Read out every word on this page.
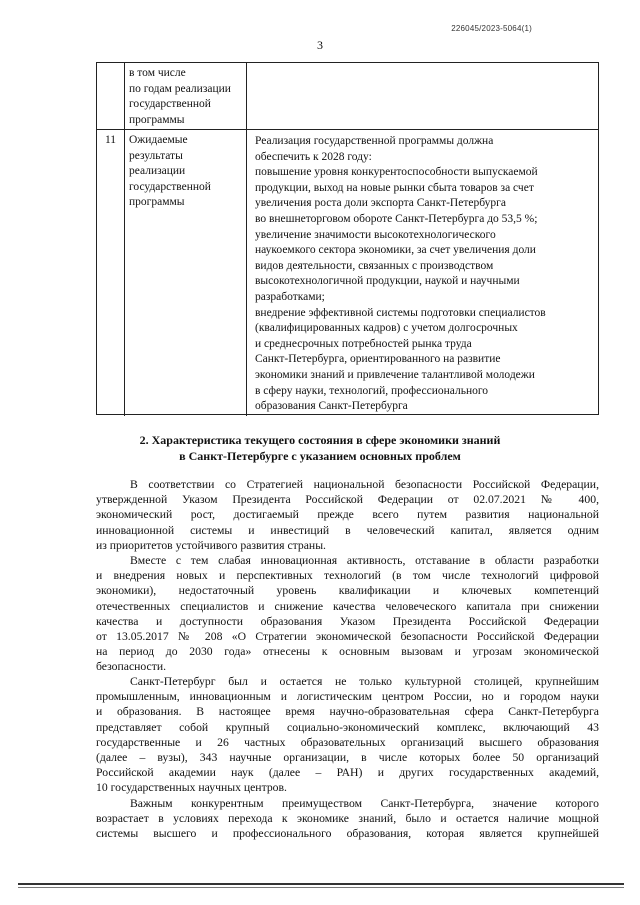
226045/2023-5064(1)
3
в том числе
по годам реализации
государственной
программы
11	Ожидаемые
результаты
реализации
государственной
программы
Реализация государственной программы должна
обеспечить к 2028 году:
повышение уровня конкурентоспособности выпускаемой
продукции, выход на новые рынки сбыта товаров за счет
увеличения роста доли экспорта Санкт-Петербурга
во внешнеторговом обороте Санкт-Петербурга до 53,5 %;
увеличение значимости высокотехнологического
наукоемкого сектора экономики, за счет увеличения доли
видов деятельности, связанных с производством
высокотехнологичной продукции, наукой и научными
разработками;
внедрение эффективной системы подготовки специалистов
(квалифицированных кадров) с учетом долгосрочных
и среднесрочных потребностей рынка труда
Санкт-Петербурга, ориентированного на развитие
экономики знаний и привлечение талантливой молодежи
в сферу науки, технологий, профессионального
образования Санкт-Петербурга
2. Характеристика текущего состояния в сфере экономики знаний
в Санкт-Петербурге с указанием основных проблем
В соответствии со Стратегией национальной безопасности Российской Федерации,
утвержденной Указом Президента Российской Федерации от 02.07.2021 № 400,
экономический рост, достигаемый прежде всего путем развития национальной
инновационной системы и инвестиций в человеческий капитал, является одним
из приоритетов устойчивого развития страны.
Вместе с тем слабая инновационная активность, отставание в области разработки
и внедрения новых и перспективных технологий (в том числе технологий цифровой
экономики), недостаточный уровень квалификации и ключевых компетенций
отечественных специалистов и снижение качества человеческого капитала при снижении
качества и доступности образования Указом Президента Российской Федерации
от 13.05.2017 № 208 «О Стратегии экономической безопасности Российской Федерации
на период до 2030 года» отнесены к основным вызовам и угрозам экономической
безопасности.
Санкт-Петербург был и остается не только культурной столицей, крупнейшим
промышленным, инновационным и логистическим центром России, но и городом науки
и образования. В настоящее время научно-образовательная сфера Санкт-Петербурга
представляет собой крупный социально-экономический комплекс, включающий 43
государственные и 26 частных образовательных организаций высшего образования
(далее – вузы), 343 научные организации, в числе которых более 50 организаций
Российской академии наук (далее – РАН) и других государственных академий,
10 государственных научных центров.
Важным конкурентным преимуществом Санкт-Петербурга, значение которого
возрастает в условиях перехода к экономике знаний, было и остается наличие мощной
системы высшего и профессионального образования, которая является крупнейшей
